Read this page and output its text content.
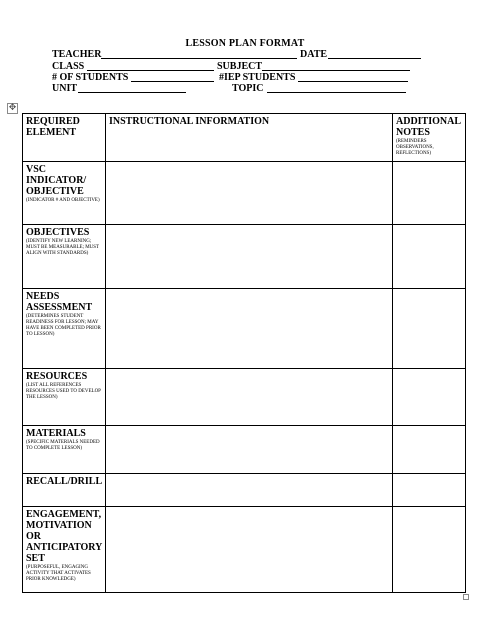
LESSON PLAN FORMAT
TEACHER	DATE
CLASS	SUBJECT
# OF STUDENTS	#IEP STUDENTS
UNIT	TOPIC
✥
REQUIRED ELEMENT	INSTRUCTIONAL INFORMATION	ADDITIONAL NOTES
(REMINDERS OBSERVATIONS, REFLECTIONS)

VSC INDICATOR/ OBJECTIVE
(INDICATOR # AND OBJECTIVE)		

OBJECTIVES
(IDENTIFY NEW LEARNING; MUST BE MEASURABLE; MUST ALIGN WITH STANDARDS)		

NEEDS ASSESSMENT
(DETERMINES STUDENT READINESS FOR LESSON; MAY HAVE BEEN COMPLETED PRIOR TO LESSON)		

RESOURCES
(LIST ALL REFERENCES RESOURCES USED TO DEVELOP THE LESSON)		

MATERIALS
(SPECIFIC MATERIALS NEEDED TO COMPLETE LESSON)		

RECALL/DRILL		

ENGAGEMENT, MOTIVATION OR ANTICIPATORY SET
(PURPOSEFUL, ENGAGING ACTIVITY THAT ACTIVATES PRIOR KNOWLEDGE)		
